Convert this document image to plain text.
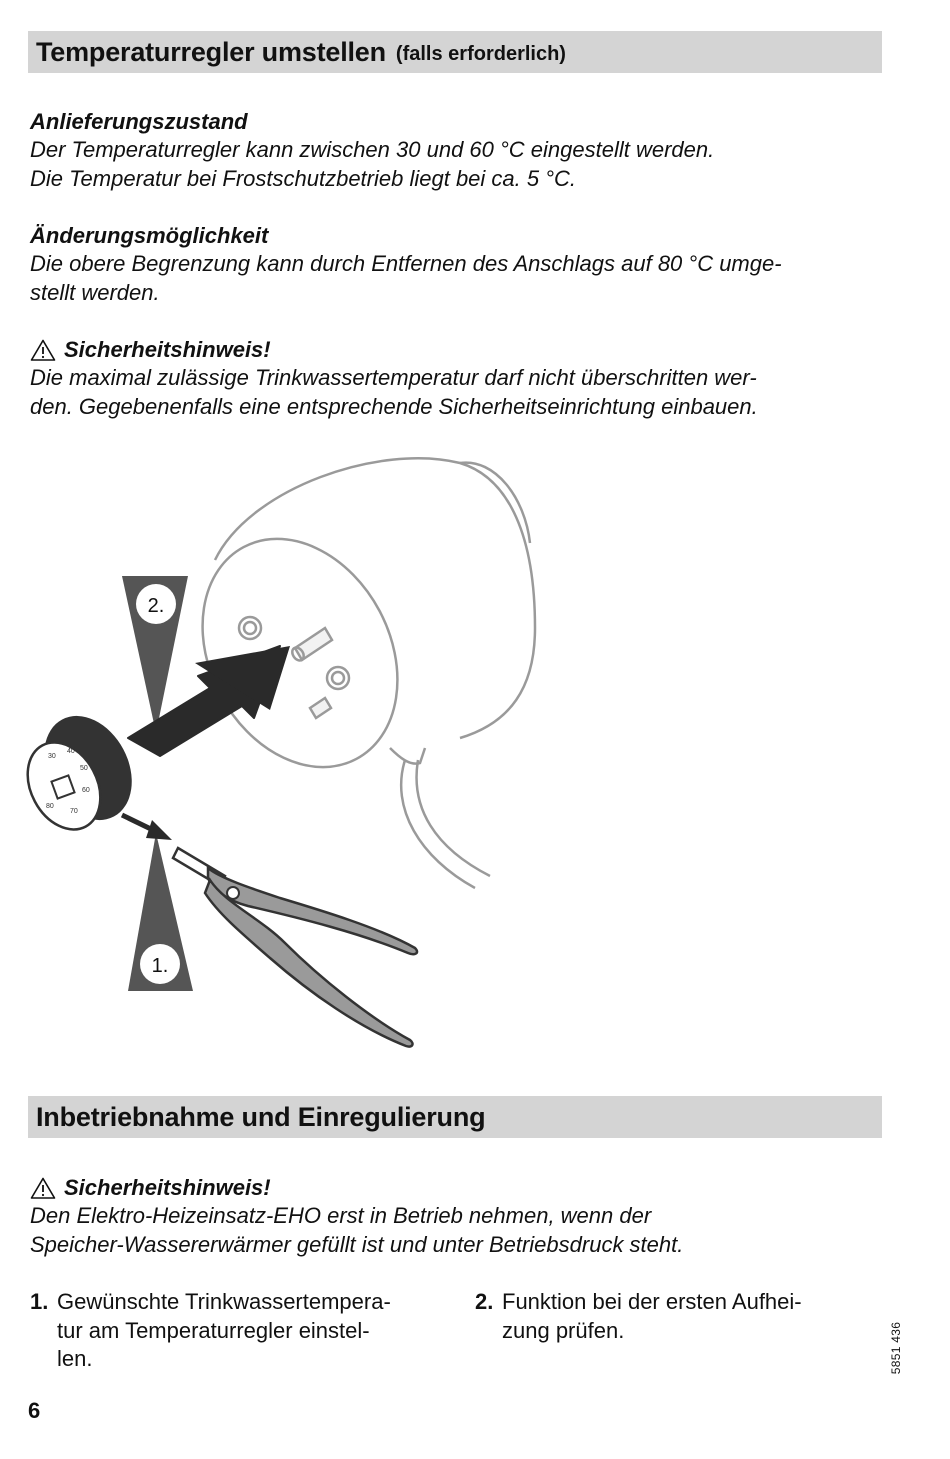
Temperaturregler umstellen (falls erforderlich)
Anlieferungszustand
Der Temperaturregler kann zwischen 30 und 60 °C eingestellt werden.
Die Temperatur bei Frostschutzbetrieb liegt bei ca. 5 °C.
Änderungsmöglichkeit
Die obere Begrenzung kann durch Entfernen des Anschlags auf 80 °C umge-
stellt werden.
Sicherheitshinweis!
Die maximal zulässige Trinkwassertemperatur darf nicht überschritten wer-
den. Gegebenenfalls eine entsprechende Sicherheitseinrichtung einbauen.
2.
1.
30
40
50
60
70
80
Inbetriebnahme und Einregulierung
Sicherheitshinweis!
Den Elektro-Heizeinsatz-EHO erst in Betrieb nehmen, wenn der
Speicher-Wassererwärmer gefüllt ist und unter Betriebsdruck steht.
1. Gewünschte Trinkwassertempera-
tur am Temperaturregler einstel-
len.
2. Funktion bei der ersten Aufhei-
zung prüfen.
6
5851 436
